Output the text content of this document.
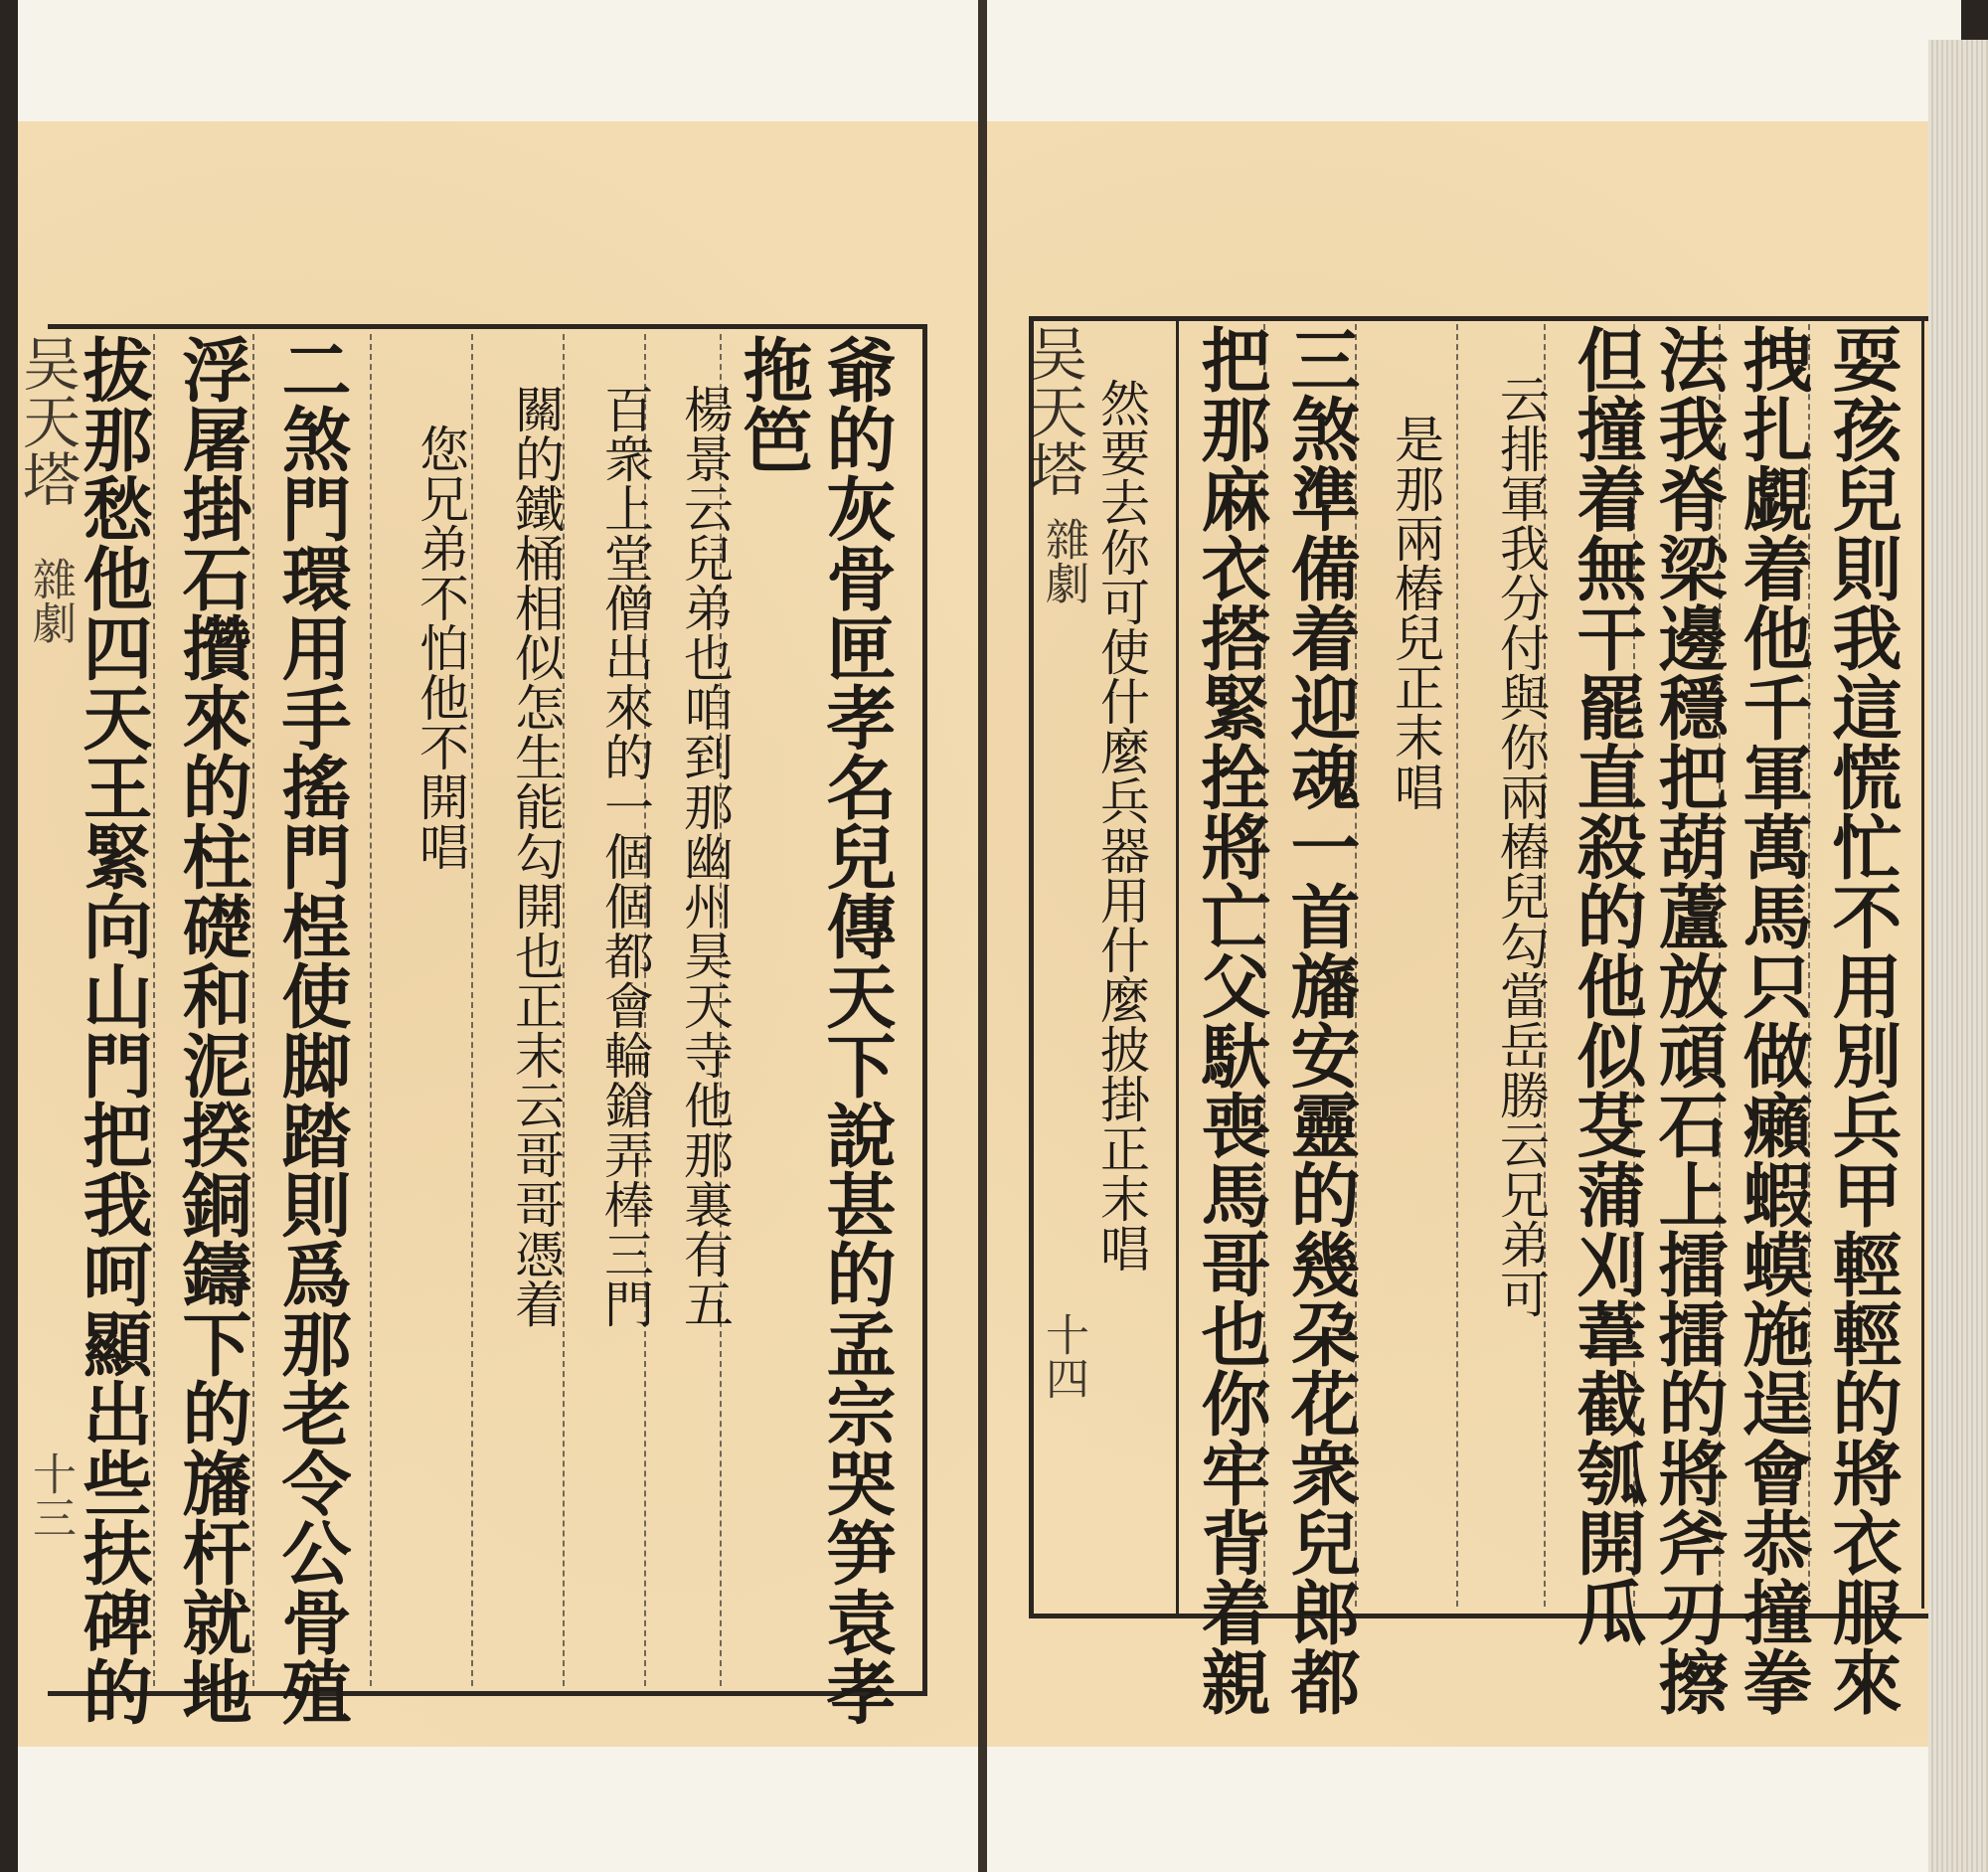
爺的灰骨匣孝名兒傳天下說甚的孟宗哭笋袁孝
拖笆
楊景云兒弟也咱到那幽州昊天寺他那裏有五
百衆上堂僧出來的一個個都會輪鎗弄棒三門
關的鐵桶相似怎生能勾開也正末云哥哥憑着
您兄弟不怕他不開唱
二煞門環用手搖門桯使脚踏則爲那老令公骨殖
浮屠掛石攢來的柱礎和泥揆銅鑄下的旛杆就地
拔那愁他四天王緊向山門把我呵顯出些扶碑的
吴天塔
雜劇
十三	耍孩兒則我這慌忙不用別兵甲輕輕的將衣服來
拽扎覷着他千軍萬馬只做癩蝦蟆施逞會恭撞拳
法我脊梁邊穩把葫蘆放頑石上擂擂的將斧刃擦
但撞着無干罷直殺的他似芟蒲刈葦截瓠開瓜
云排軍我分付與你兩樁兒勾當岳勝云兄弟可
是那兩樁兒正末唱
三煞準備着迎魂一首旛安靈的幾朶花衆兒郎都
把那麻衣搭緊拴將亡父馱喪馬哥也你牢背着親
吴天塔
雜劇
十四
然要去你可使什麼兵器用什麼披掛正末唱
